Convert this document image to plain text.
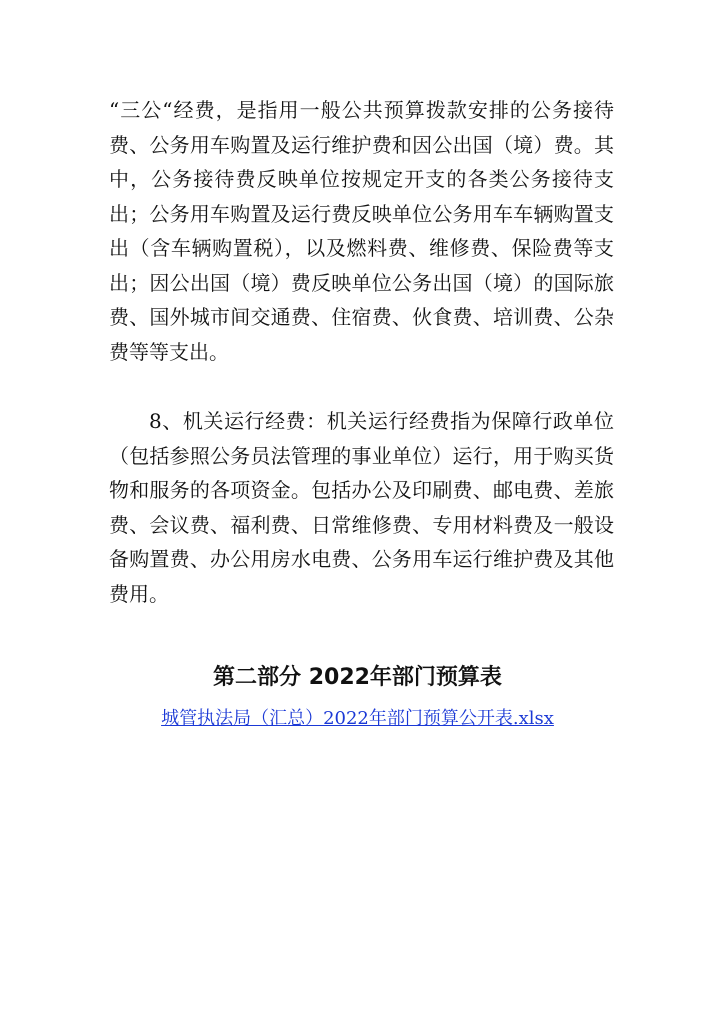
“三公“经费，是指用一般公共预算拨款安排的公务接待费、公务用车购置及运行维护费和因公出国（境）费。其中，公务接待费反映单位按规定开支的各类公务接待支出；公务用车购置及运行费反映单位公务用车车辆购置支出（含车辆购置税），以及燃料费、维修费、保险费等支出；因公出国（境）费反映单位公务出国（境）的国际旅费、国外城市间交通费、住宿费、伙食费、培训费、公杂费等等支出。

8、机关运行经费：机关运行经费指为保障行政单位（包括参照公务员法管理的事业单位）运行，用于购买货物和服务的各项资金。包括办公及印刷费、邮电费、差旅费、会议费、福利费、日常维修费、专用材料费及一般设备购置费、办公用房水电费、公务用车运行维护费及其他费用。

第二部分 2022年部门预算表
城管执法局（汇总）2022年部门预算公开表.xlsx
